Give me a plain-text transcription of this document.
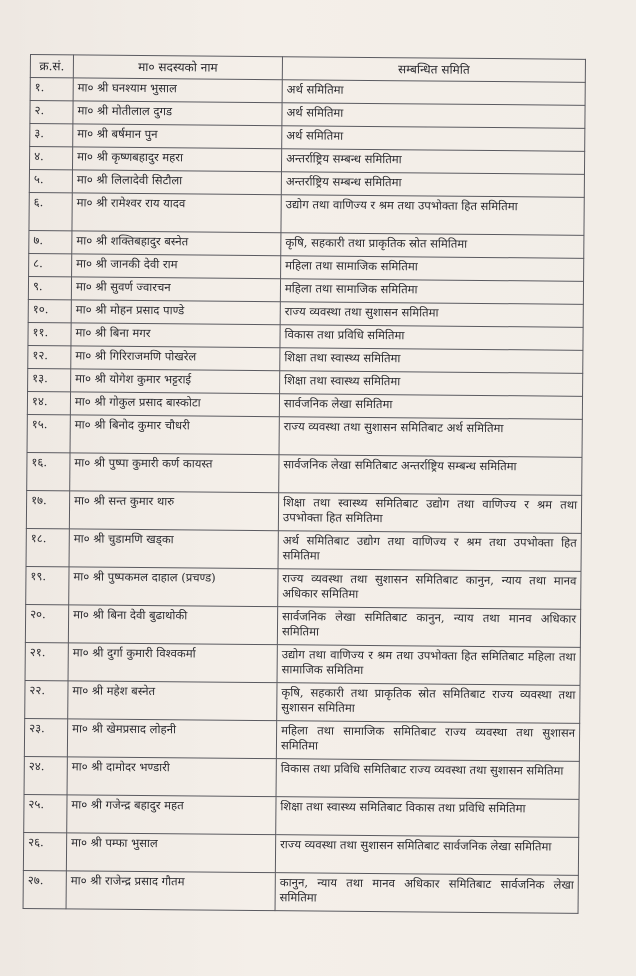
क्र.सं.	मा० सदस्यको नाम	सम्बन्धित समिति
१.	मा० श्री घनश्याम भुसाल	अर्थ समितिमा
२.	मा० श्री मोतीलाल दुगड	अर्थ समितिमा
३.	मा० श्री बर्षमान पुन	अर्थ समितिमा
४.	मा० श्री कृष्णबहादुर महरा	अन्तर्राष्ट्रिय सम्बन्ध समितिमा
५.	मा० श्री लिलादेवी सिटौला	अन्तर्राष्ट्रिय सम्बन्ध समितिमा
६.	मा० श्री रामेश्वर राय यादव	उद्योग तथा वाणिज्य र श्रम तथा उपभोक्ता हित समितिमा
७.	मा० श्री शक्तिबहादुर बस्नेत	कृषि, सहकारी तथा प्राकृतिक स्रोत समितिमा
८.	मा० श्री जानकी देवी राम	महिला तथा सामाजिक समितिमा
९.	मा० श्री सुवर्ण ज्वारचन	महिला तथा सामाजिक समितिमा
१०.	मा० श्री मोहन प्रसाद पाण्डे	राज्य व्यवस्था तथा सुशासन समितिमा
११.	मा० श्री बिना मगर	विकास तथा प्रविधि समितिमा
१२.	मा० श्री गिरिराजमणि पोखरेल	शिक्षा तथा स्वास्थ्य समितिमा
१३.	मा० श्री योगेश कुमार भट्टराई	शिक्षा तथा स्वास्थ्य समितिमा
१४.	मा० श्री गोकुल प्रसाद बास्कोटा	सार्वजनिक लेखा समितिमा
१५.	मा० श्री बिनोद कुमार चौधरी	राज्य व्यवस्था तथा सुशासन समितिबाट अर्थ समितिमा
१६.	मा० श्री पुष्पा कुमारी कर्ण कायस्त	सार्वजनिक लेखा समितिबाट अन्तर्राष्ट्रिय सम्बन्ध समितिमा
१७.	मा० श्री सन्त कुमार थारु	शिक्षा तथा स्वास्थ्य समितिबाट उद्योग तथा वाणिज्य र श्रम तथा उपभोक्ता हित समितिमा
१८.	मा० श्री चुडामणि खड्का	अर्थ समितिबाट उद्योग तथा वाणिज्य र श्रम तथा उपभोक्ता हित समितिमा
१९.	मा० श्री पुष्पकमल दाहाल (प्रचण्ड)	राज्य व्यवस्था तथा सुशासन समितिबाट कानुन, न्याय तथा मानव अधिकार समितिमा
२०.	मा० श्री बिना देवी बुढाथोकी	सार्वजनिक लेखा समितिबाट कानुन, न्याय तथा मानव अधिकार समितिमा
२१.	मा० श्री दुर्गा कुमारी विश्वकर्मा	उद्योग तथा वाणिज्य र श्रम तथा उपभोक्ता हित समितिबाट महिला तथा सामाजिक समितिमा
२२.	मा० श्री महेश बस्नेत	कृषि, सहकारी तथा प्राकृतिक स्रोत समितिबाट राज्य व्यवस्था तथा सुशासन समितिमा
२३.	मा० श्री खेमप्रसाद लोहनी	महिला तथा सामाजिक समितिबाट राज्य व्यवस्था तथा सुशासन समितिमा
२४.	मा० श्री दामोदर भण्डारी	विकास तथा प्रविधि समितिबाट राज्य व्यवस्था तथा सुशासन समितिमा
२५.	मा० श्री गजेन्द्र बहादुर महत	शिक्षा तथा स्वास्थ्य समितिबाट विकास तथा प्रविधि समितिमा
२६.	मा० श्री पम्फा भुसाल	राज्य व्यवस्था तथा सुशासन समितिबाट सार्वजनिक लेखा समितिमा
२७.	मा० श्री राजेन्द्र प्रसाद गौतम	कानुन, न्याय तथा मानव अधिकार समितिबाट सार्वजनिक लेखा समितिमा
